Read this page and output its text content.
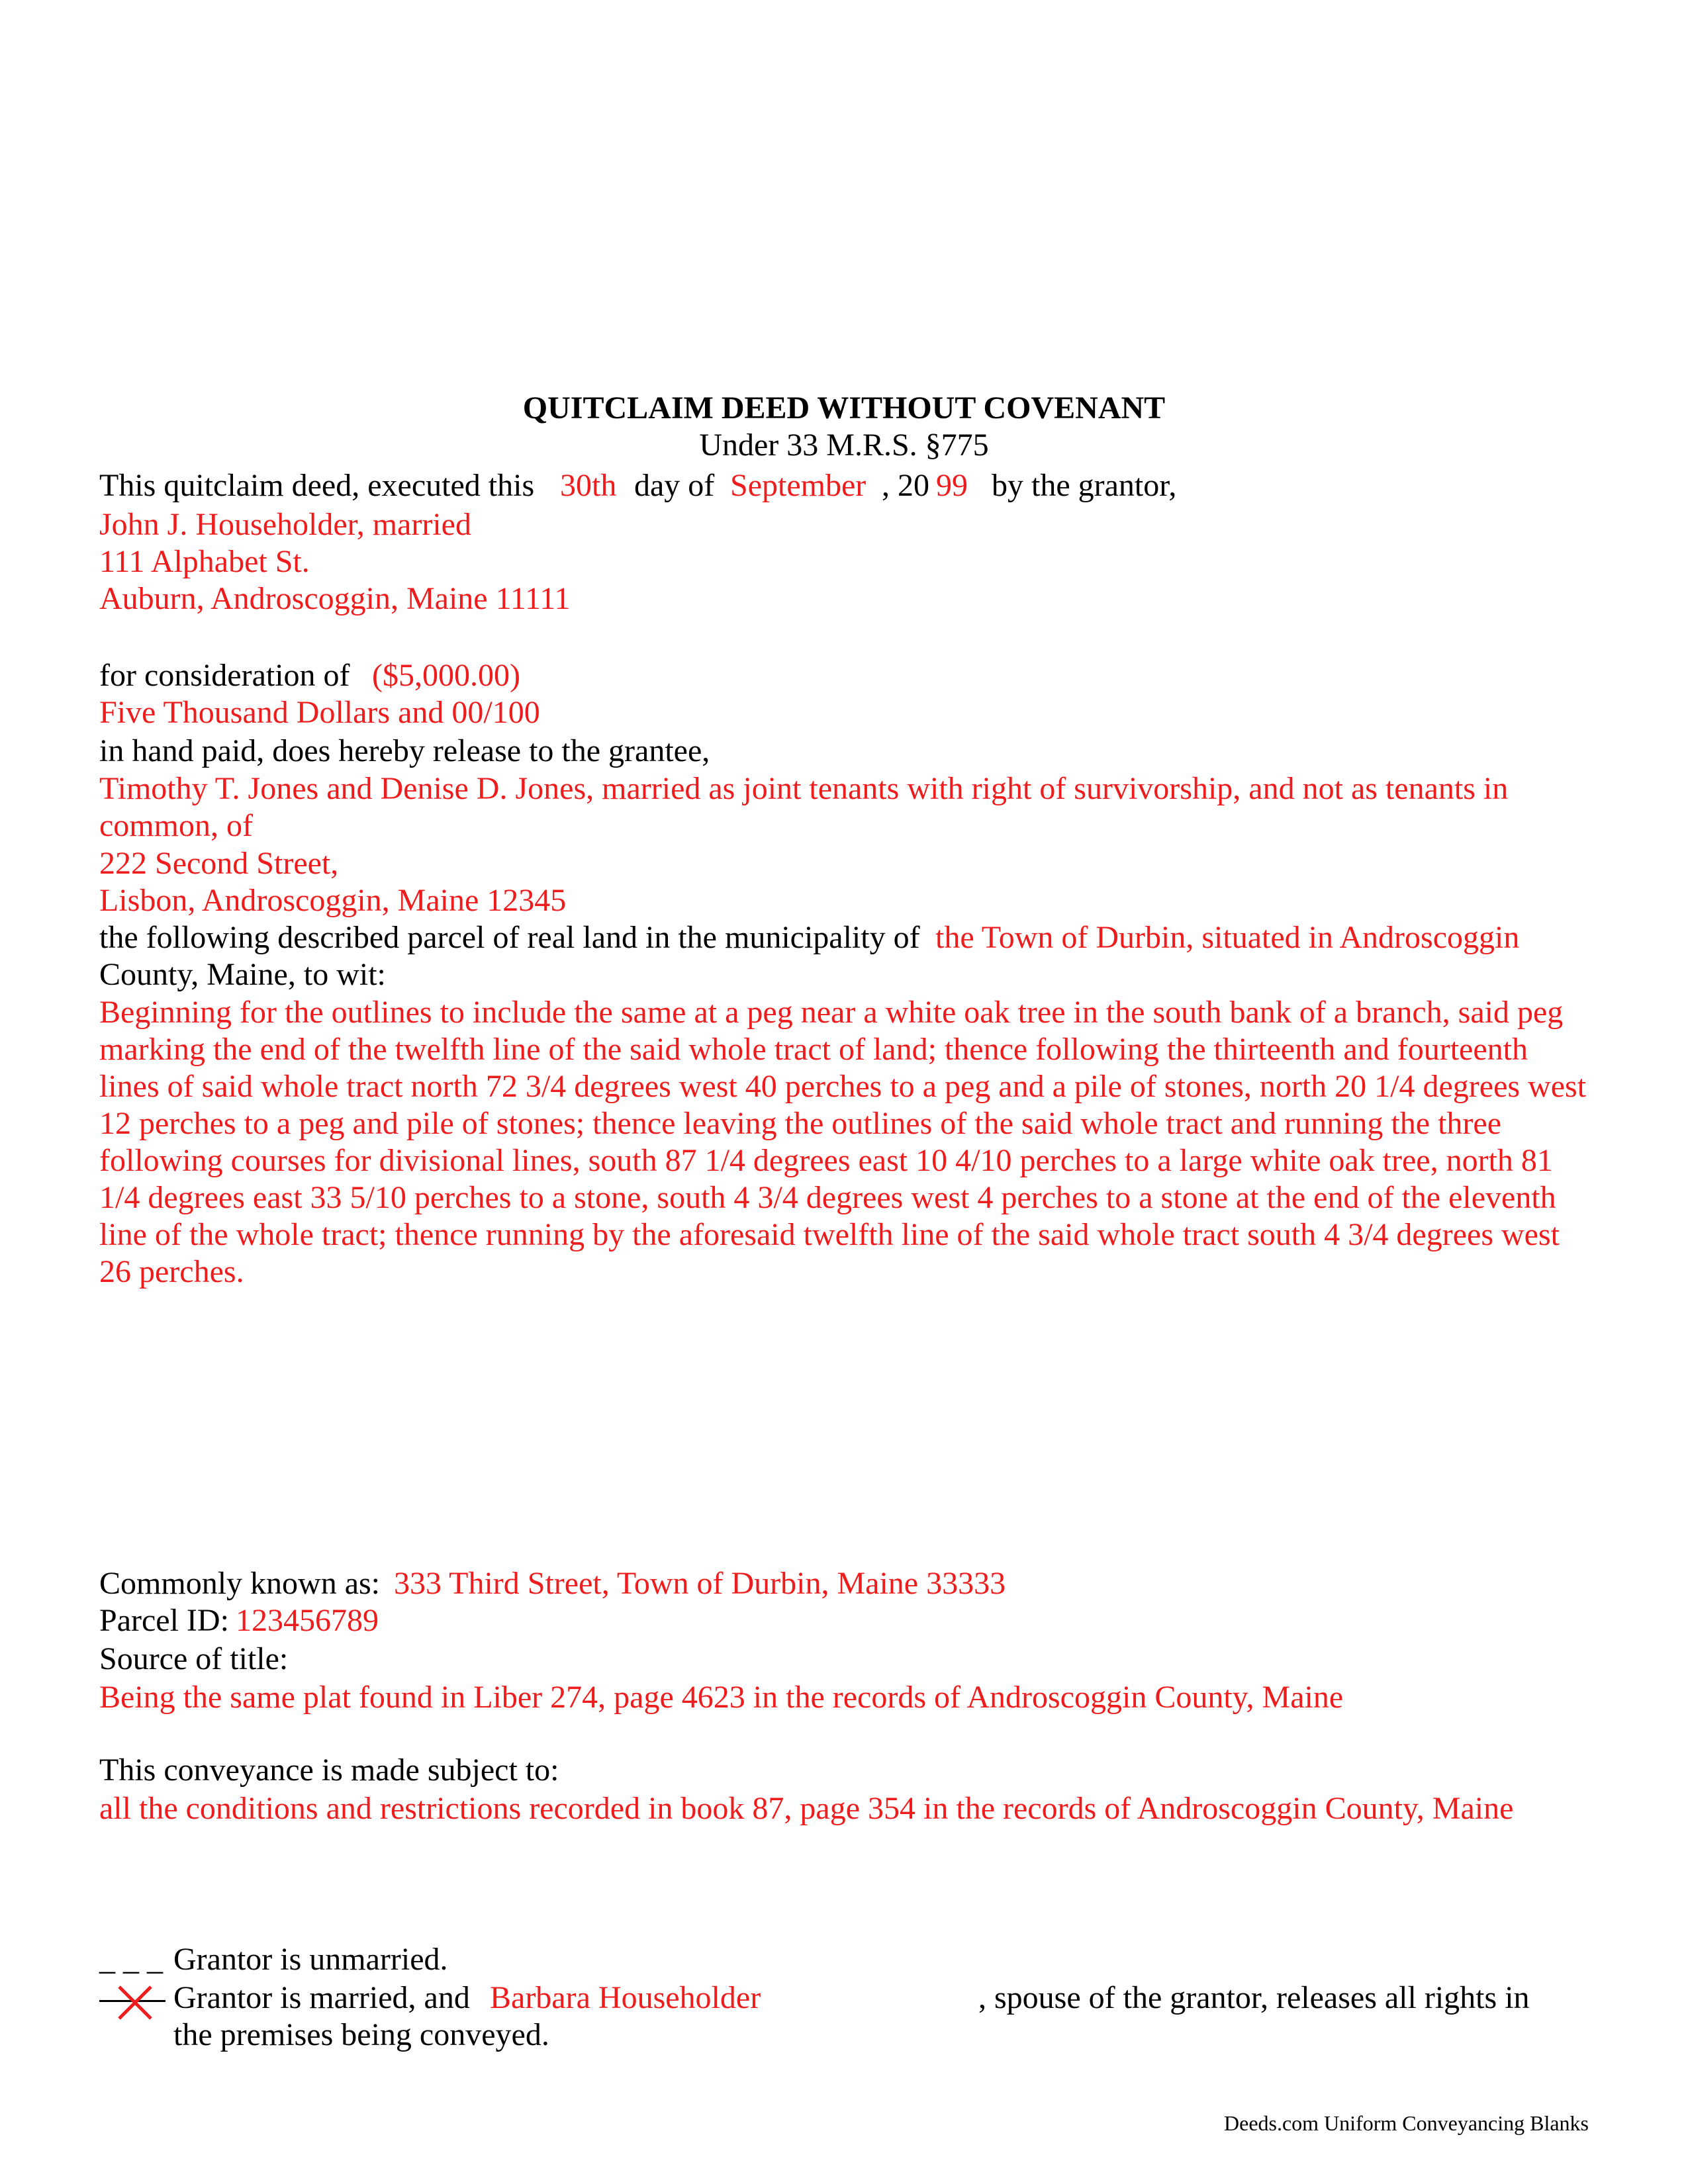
QUITCLAIM DEED WITHOUT COVENANT
Under 33 M.R.S. §775
This quitclaim deed, executed this 30th day of September , 20 99 by the grantor,
John J. Householder, married
111 Alphabet St.
Auburn, Androscoggin, Maine 11111
for consideration of ($5,000.00)
Five Thousand Dollars and 00/100
in hand paid, does hereby release to the grantee,
Timothy T. Jones and Denise D. Jones, married as joint tenants with right of survivorship, and not as tenants in common, of
222 Second Street,
Lisbon, Androscoggin, Maine 12345
the following described parcel of real land in the municipality of the Town of Durbin, situated in Androscoggin
County, Maine, to wit:
Beginning for the outlines to include the same at a peg near a white oak tree in the south bank of a branch, said peg marking the end of the twelfth line of the said whole tract of land; thence following the thirteenth and fourteenth lines of said whole tract north 72 3/4 degrees west 40 perches to a peg and a pile of stones, north 20 1/4 degrees west 12 perches to a peg and pile of stones; thence leaving the outlines of the said whole tract and running the three following courses for divisional lines, south 87 1/4 degrees east 10 4/10 perches to a large white oak tree, north 81 1/4 degrees east 33 5/10 perches to a stone, south 4 3/4 degrees west 4 perches to a stone at the end of the eleventh line of the whole tract; thence running by the aforesaid twelfth line of the said whole tract south 4 3/4 degrees west 26 perches.
Commonly known as: 333 Third Street, Town of Durbin, Maine 33333
Parcel ID: 123456789
Source of title:
Being the same plat found in Liber 274, page 4623 in the records of Androscoggin County, Maine
This conveyance is made subject to:
all the conditions and restrictions recorded in book 87, page 354 in the records of Androscoggin County, Maine
_ _ _ Grantor is unmarried.
Grantor is married, and Barbara Householder	, spouse of the grantor, releases all rights in
the premises being conveyed.
Deeds.com Uniform Conveyancing Blanks
